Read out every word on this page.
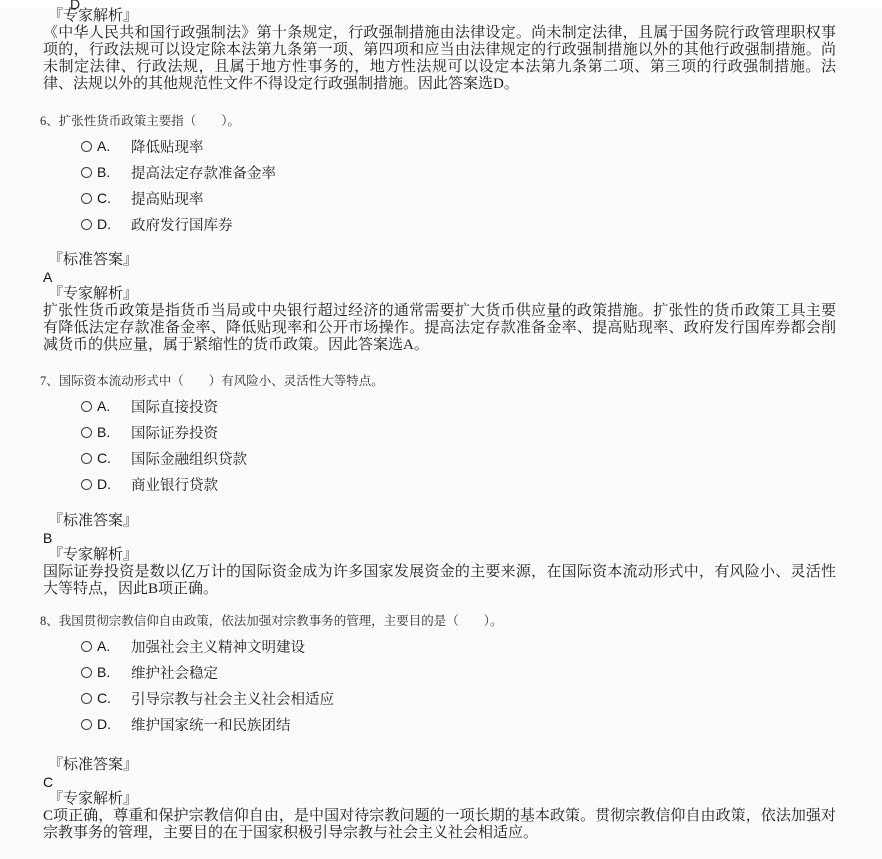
D
『专家解析』
《中华人民共和国行政强制法》第十条规定，行政强制措施由法律设定。尚未制定法律，且属于国务院行政管理职权事项的，行政法规可以设定除本法第九条第一项、第四项和应当由法律规定的行政强制措施以外的其他行政强制措施。尚未制定法律、行政法规，且属于地方性事务的，地方性法规可以设定本法第九条第二项、第三项的行政强制措施。法律、法规以外的其他规范性文件不得设定行政强制措施。因此答案选D。
6、扩张性货币政策主要指（　　）。
A.	降低贴现率
B.	提高法定存款准备金率
C.	提高贴现率
D.	政府发行国库券
『标准答案』
A
『专家解析』
扩张性货币政策是指货币当局或中央银行超过经济的通常需要扩大货币供应量的政策措施。扩张性的货币政策工具主要有降低法定存款准备金率、降低贴现率和公开市场操作。提高法定存款准备金率、提高贴现率、政府发行国库券都会削减货币的供应量，属于紧缩性的货币政策。因此答案选A。
7、国际资本流动形式中（　　）有风险小、灵活性大等特点。
A.	国际直接投资
B.	国际证券投资
C.	国际金融组织贷款
D.	商业银行贷款
『标准答案』
B
『专家解析』
国际证券投资是数以亿万计的国际资金成为许多国家发展资金的主要来源，在国际资本流动形式中，有风险小、灵活性大等特点，因此B项正确。
8、我国贯彻宗教信仰自由政策，依法加强对宗教事务的管理，主要目的是（　　）。
A.	加强社会主义精神文明建设
B.	维护社会稳定
C.	引导宗教与社会主义社会相适应
D.	维护国家统一和民族团结
『标准答案』
C
『专家解析』
C项正确，尊重和保护宗教信仰自由，是中国对待宗教问题的一项长期的基本政策。贯彻宗教信仰自由政策，依法加强对宗教事务的管理，主要目的在于国家积极引导宗教与社会主义社会相适应。
